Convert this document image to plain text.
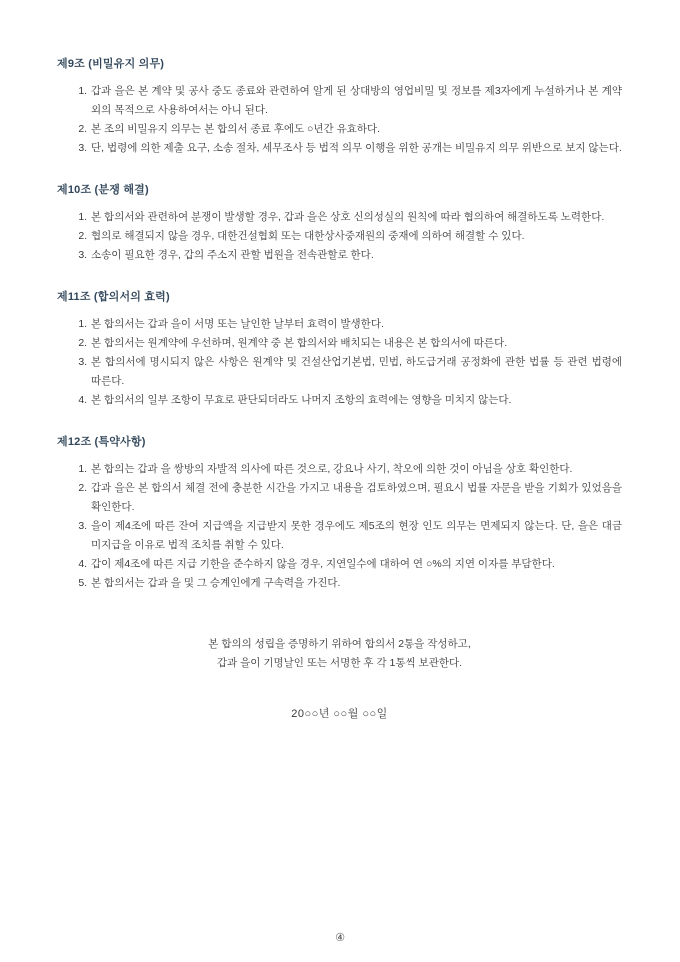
제9조 (비밀유지 의무)
1. 갑과 을은 본 계약 및 공사 중도 종료와 관련하여 알게 된 상대방의 영업비밀 및 정보를 제3자에게 누설하거나 본 계약 외의 목적으로 사용하여서는 아니 된다.
2. 본 조의 비밀유지 의무는 본 합의서 종료 후에도 ○년간 유효하다.
3. 단, 법령에 의한 제출 요구, 소송 절차, 세무조사 등 법적 의무 이행을 위한 공개는 비밀유지 의무 위반으로 보지 않는다.
제10조 (분쟁 해결)
1. 본 합의서와 관련하여 분쟁이 발생할 경우, 갑과 을은 상호 신의성실의 원칙에 따라 협의하여 해결하도록 노력한다.
2. 협의로 해결되지 않을 경우, 대한건설협회 또는 대한상사중재원의 중재에 의하여 해결할 수 있다.
3. 소송이 필요한 경우, 갑의 주소지 관할 법원을 전속관할로 한다.
제11조 (합의서의 효력)
1. 본 합의서는 갑과 을이 서명 또는 날인한 날부터 효력이 발생한다.
2. 본 합의서는 원계약에 우선하며, 원계약 중 본 합의서와 배치되는 내용은 본 합의서에 따른다.
3. 본 합의서에 명시되지 않은 사항은 원계약 및 건설산업기본법, 민법, 하도급거래 공정화에 관한 법률 등 관련 법령에 따른다.
4. 본 합의서의 일부 조항이 무효로 판단되더라도 나머지 조항의 효력에는 영향을 미치지 않는다.
제12조 (특약사항)
1. 본 합의는 갑과 을 쌍방의 자발적 의사에 따른 것으로, 강요나 사기, 착오에 의한 것이 아님을 상호 확인한다.
2. 갑과 을은 본 합의서 체결 전에 충분한 시간을 가지고 내용을 검토하였으며, 필요시 법률 자문을 받을 기회가 있었음을 확인한다.
3. 을이 제4조에 따른 잔여 지급액을 지급받지 못한 경우에도 제5조의 현장 인도 의무는 면제되지 않는다. 단, 을은 대금 미지급을 이유로 법적 조치를 취할 수 있다.
4. 갑이 제4조에 따른 지급 기한을 준수하지 않을 경우, 지연일수에 대하여 연 ○%의 지연 이자를 부담한다.
5. 본 합의서는 갑과 을 및 그 승계인에게 구속력을 가진다.

본 합의의 성립을 증명하기 위하여 합의서 2통을 작성하고,

갑과 을이 기명날인 또는 서명한 후 각 1통씩 보관한다.

20○○년 ○○월 ○○일
④
